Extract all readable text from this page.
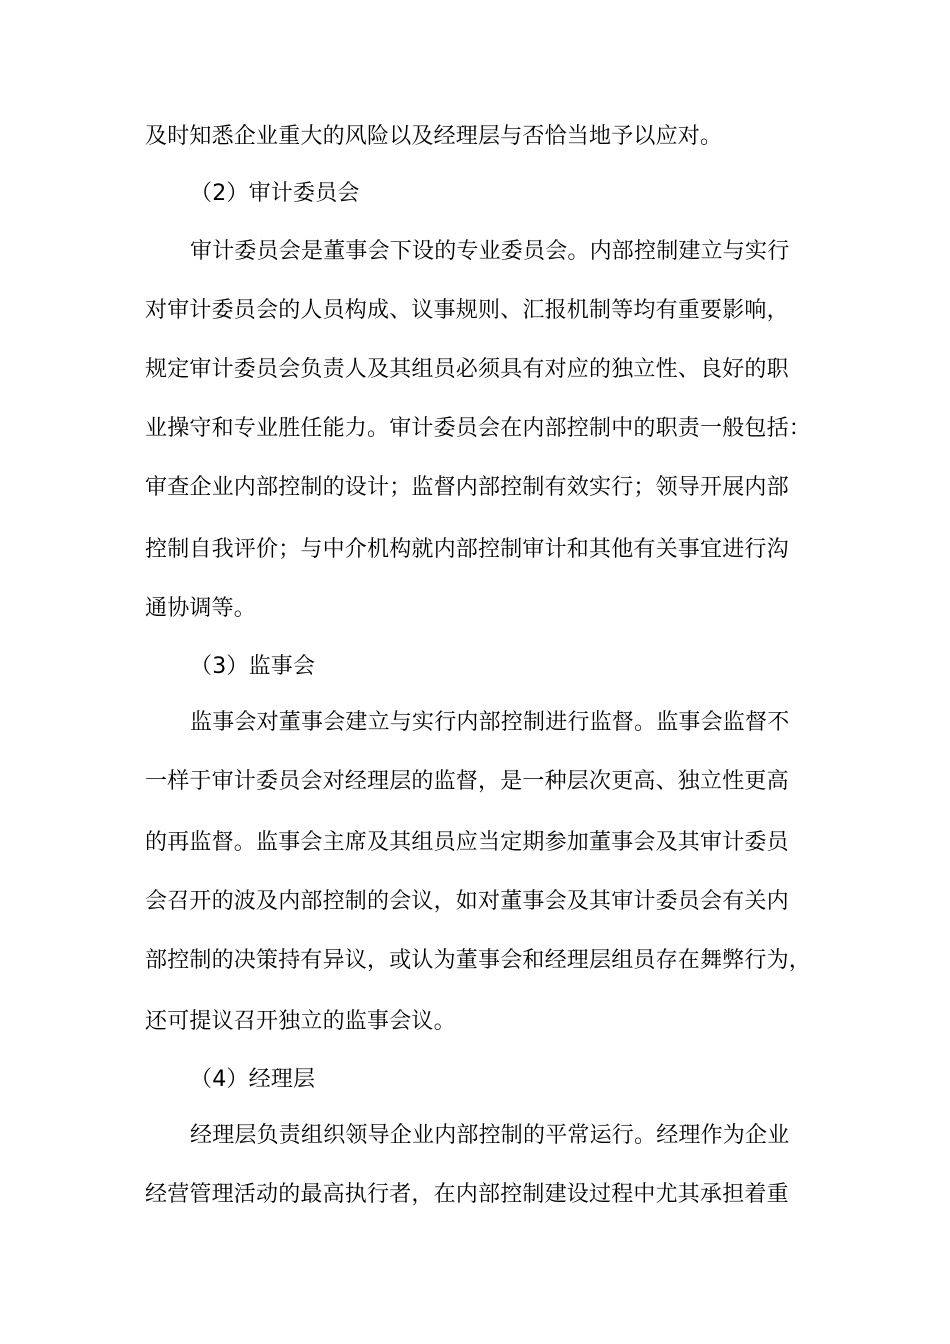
及时知悉企业重大的风险以及经理层与否恰当地予以应对。
（2）审计委员会
审计委员会是董事会下设的专业委员会。内部控制建立与实行
对审计委员会的人员构成、议事规则、汇报机制等均有重要影响，
规定审计委员会负责人及其组员必须具有对应的独立性、良好的职
业操守和专业胜任能力。审计委员会在内部控制中的职责一般包括：
审查企业内部控制的设计；监督内部控制有效实行；领导开展内部
控制自我评价；与中介机构就内部控制审计和其他有关事宜进行沟
通协调等。
（3）监事会
监事会对董事会建立与实行内部控制进行监督。监事会监督不
一样于审计委员会对经理层的监督，是一种层次更高、独立性更高
的再监督。监事会主席及其组员应当定期参加董事会及其审计委员
会召开的波及内部控制的会议，如对董事会及其审计委员会有关内
部控制的决策持有异议，或认为董事会和经理层组员存在舞弊行为，
还可提议召开独立的监事会议。
（4）经理层
经理层负责组织领导企业内部控制的平常运行。经理作为企业
经营管理活动的最高执行者，在内部控制建设过程中尤其承担着重
